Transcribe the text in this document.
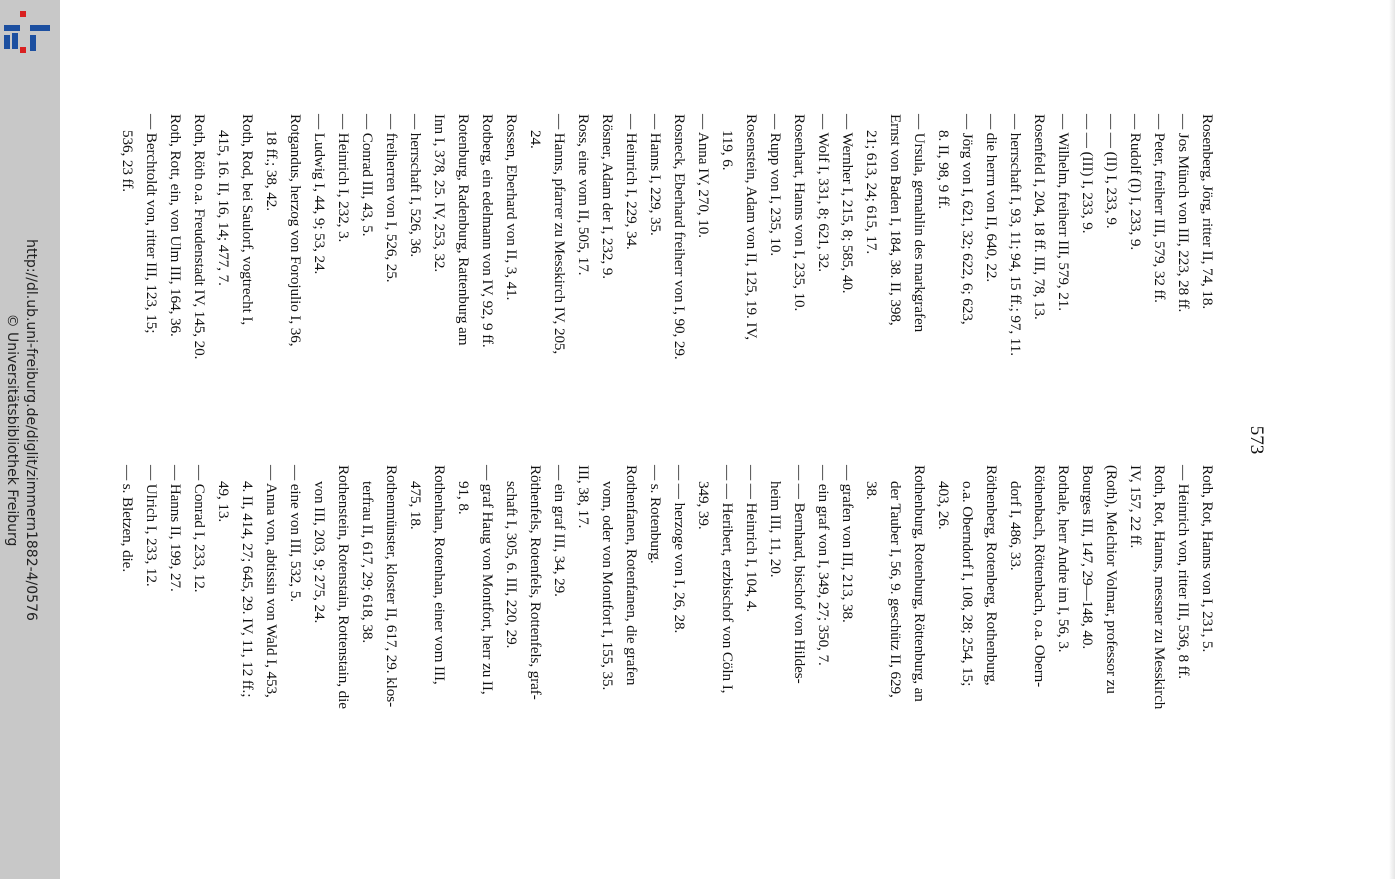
http://dl.ub.uni-freiburg.de/diglit/zimmern1882-4/0576
© Universitätsbibliothek Freiburg	573
Rosenberg, Jörg, ritter II, 74, 18.
— Jos Münch von III, 223, 28 ff.
— Peter, freiherr III, 579, 32 ff.
— Rudolf (I) I, 233, 9.
— — (II) I, 233, 9.
— — (III) I, 233, 9.
— Wilhelm, freiherr III, 579, 21.
Rosenfeld I, 204, 18 ff. III, 78, 13.
— herrschaft I, 93, 11; 94, 15 ff.; 97, 11.
— die herrn von II, 640, 22.
— Jörg von I, 621, 32; 622, 6; 623,
8. II, 98, 9 ff.
— Ursula, gemahlin des markgrafen
Ernst von Baden I, 184, 38. II, 398,
21; 613, 24; 615, 17.
— Wernher I, 215, 8; 585, 40.
— Wolf I, 331, 8; 621, 32.
Rosenhart, Hanns von I, 235, 10.
— Rupp von I, 235, 10.
Rosenstein, Adam von II, 125, 19. IV,
119, 6.
— Anna IV, 270, 10.
Rosneck, Eberhard freiherr von I, 90, 29.
— Hanns I, 229, 35.
— Heinrich I, 229, 34.
Rösner, Adam der I, 232, 9.
Ross, eine vom II, 505, 17.
— Hanns, pfarrer zu Messkirch IV, 205,
24.
Rossen, Eberhard von II, 3, 41.
Rotberg, ein edelmann von IV, 92, 9 ff.
Rotenburg, Radenburg, Rattenburg am
Inn I, 378, 25. IV, 253, 32.
— herrschaft I, 526, 36.
— freiherren von I, 526, 25.
— Conrad III, 43, 5.
— Heinrich I, 232, 3.
— Ludwig I, 44, 9; 53, 24.
Rotgandus, herzog von Forojulio I, 36,
18 ff.; 38, 42.
Roth, Rod, bei Saulorf, vogtrecht I,
415, 16. II, 16, 14; 477, 7.
Roth, Röth o.a. Freudenstadt IV, 145, 20.
Roth, Rott, ein, von Ulm III, 164, 36.
— Berchtoldt von, ritter III, 123, 15;
536, 23 ff.
Roth, Rot, Hanns von I, 231, 5.
— Heinrich von, ritter III, 536, 8 ff.
Roth, Rot, Hanns, messner zu Messkirch
IV, 157, 22 ff.
(Roth), Melchior Volmar, professor zu
Bourges III, 147, 29—148, 40.
Rothale, herr Andre im I, 56, 3.
Röthenbach, Röttenbach, o.a. Obern-
dorf I, 486, 33.
Röthenberg, Rotenberg, Rothenburg,
o.a. Oberndorf I, 108, 28; 254, 15;
403, 26.
Rothenburg, Rotenburg, Röttenburg, an
der Tauber I, 56, 9. geschütz II, 629,
38.
— grafen von III, 213, 38.
— ein graf von I, 349, 27; 350, 7.
— — Bernhard, bischof von Hildes-
heim III, 11, 20.
— — Heinrich I, 104, 4.
— — Heribert, erzbischof von Cöln I,
349, 39.
— — herzoge von I, 26, 28.
— s. Rotenburg.
Rothenfanen, Rotenfanen, die grafen
vom, oder von Montfort I, 155, 35.
III, 38, 17.
— ein graf III, 34, 29.
Röthenfels, Rotenfels, Rottenfels, graf-
schaft I, 305, 6. III, 220, 29.
— graf Haug von Montfort, herr zu II,
91, 8.
Rothenhan, Rotenhan, einer vom III,
475, 18.
Rothenmünster, kloster II, 617, 29. klos-
terfrau II, 617, 29; 618, 38.
Rothenstein, Rotenstain, Rottenstain, die
von III, 203, 9; 275, 24.
— eine von III, 532, 5.
— Anna von, abtissin von Wald I, 453,
4. II, 414, 27; 645, 29. IV, 11, 12 ff.;
49, 13.
— Conrad I, 233, 12.
— Hanns II, 199, 27.
— Ulrich I, 233, 12.
— s. Bletzen, die.
